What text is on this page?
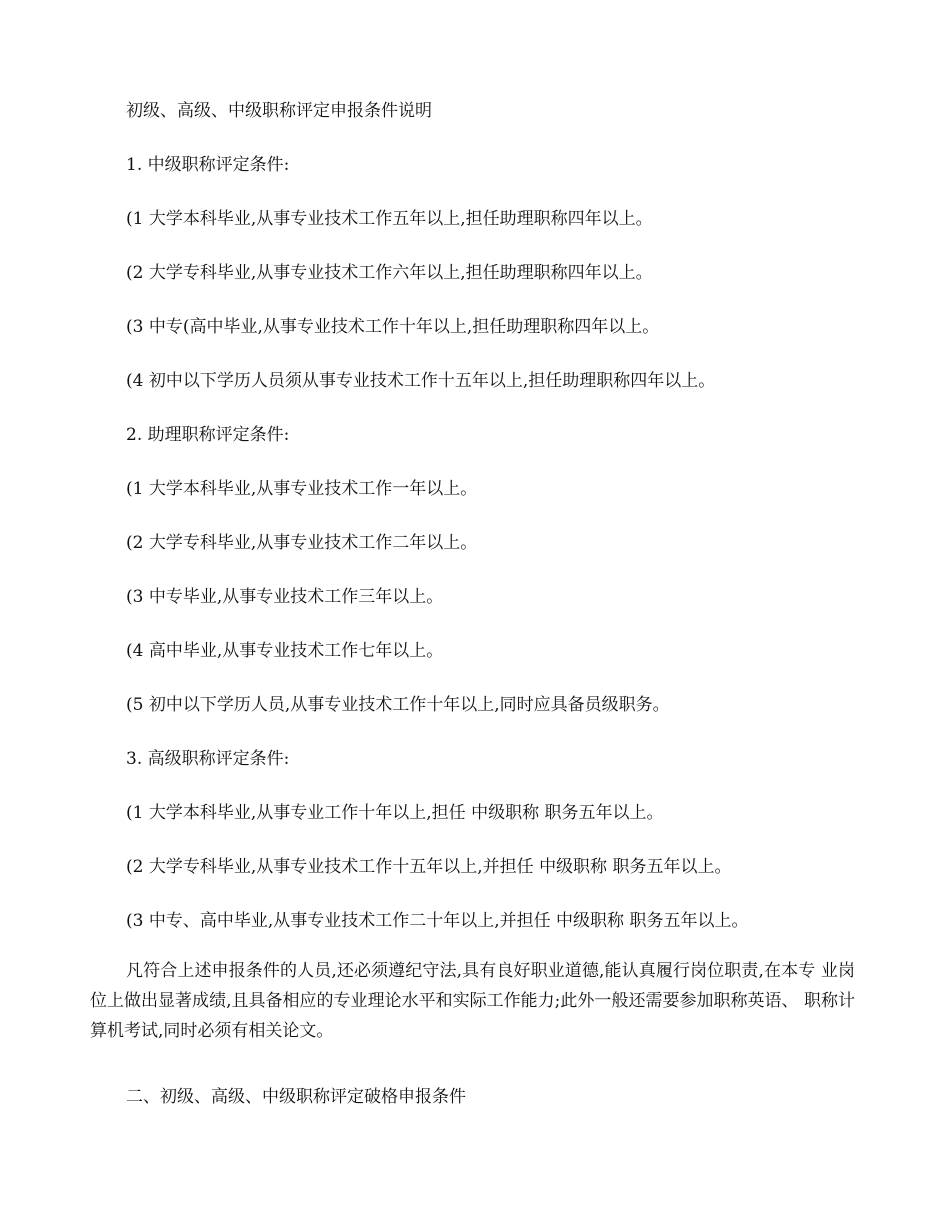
初级、高级、中级职称评定申报条件说明

1. 中级职称评定条件:

(1 大学本科毕业,从事专业技术工作五年以上,担任助理职称四年以上。

(2 大学专科毕业,从事专业技术工作六年以上,担任助理职称四年以上。

(3 中专(高中毕业,从事专业技术工作十年以上,担任助理职称四年以上。

(4 初中以下学历人员须从事专业技术工作十五年以上,担任助理职称四年以上。

2. 助理职称评定条件:

(1 大学本科毕业,从事专业技术工作一年以上。

(2 大学专科毕业,从事专业技术工作二年以上。

(3 中专毕业,从事专业技术工作三年以上。

(4 高中毕业,从事专业技术工作七年以上。

(5 初中以下学历人员,从事专业技术工作十年以上,同时应具备员级职务。

3. 高级职称评定条件:

(1 大学本科毕业,从事专业工作十年以上,担任 中级职称 职务五年以上。

(2 大学专科毕业,从事专业技术工作十五年以上,并担任 中级职称 职务五年以上。

(3 中专、高中毕业,从事专业技术工作二十年以上,并担任 中级职称 职务五年以上。

凡符合上述申报条件的人员,还必须遵纪守法,具有良好职业道德,能认真履行岗位职责,在本专 业岗位上做出显著成绩,且具备相应的专业理论水平和实际工作能力;此外一般还需要参加职称英语、 职称计算机考试,同时必须有相关论文。

二、初级、高级、中级职称评定破格申报条件
